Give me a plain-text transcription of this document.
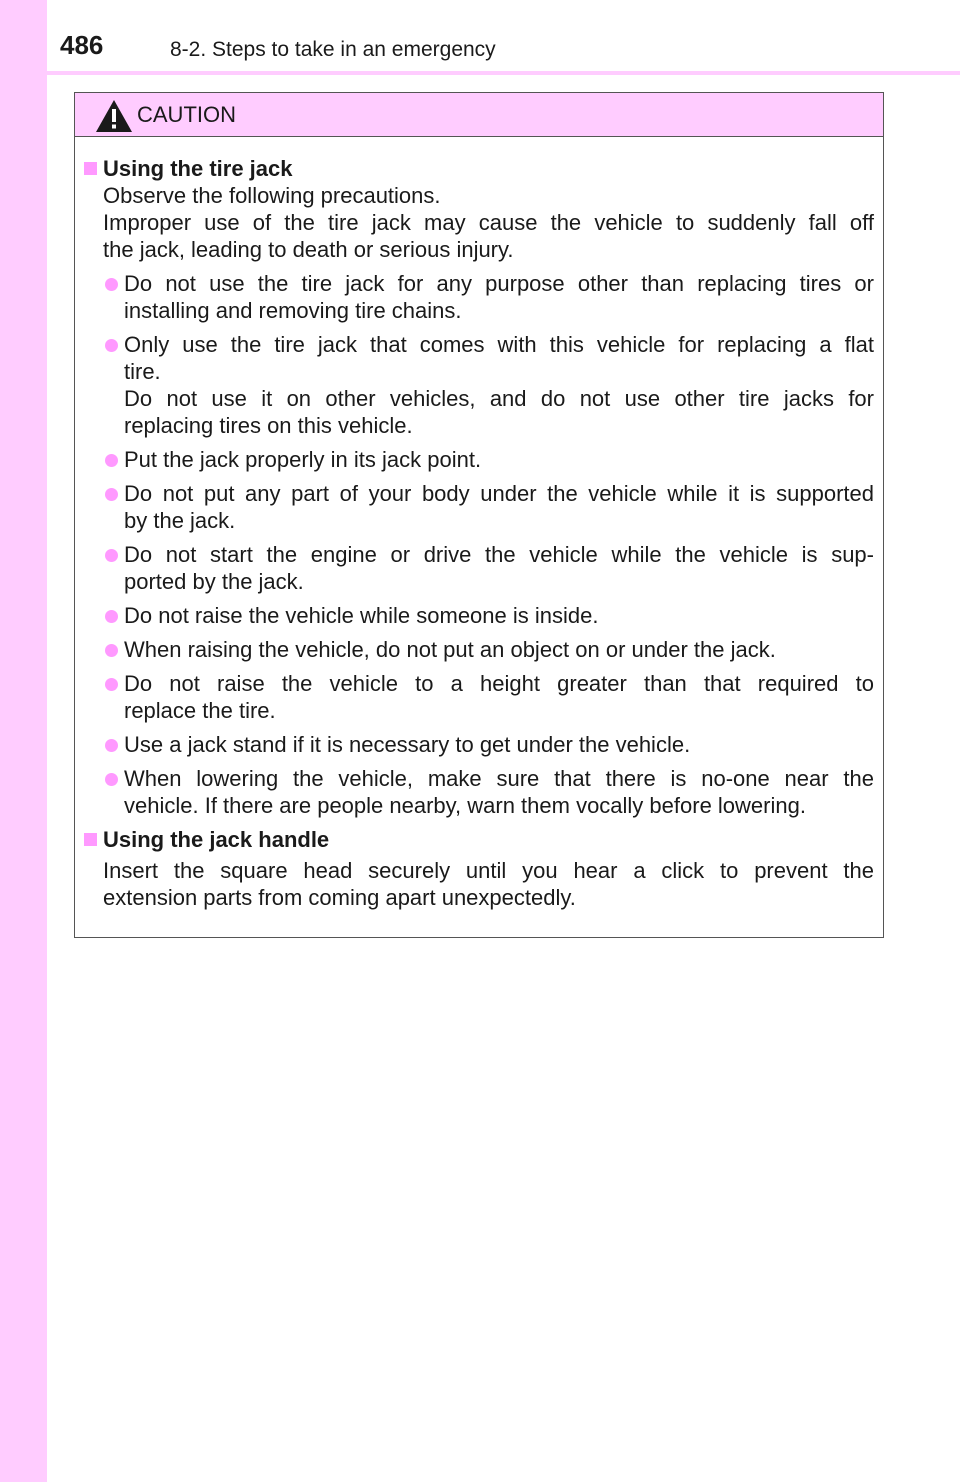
486	8-2. Steps to take in an emergency
CAUTION
Using the tire jack
Observe the following precautions.
Improper use of the tire jack may cause the vehicle to suddenly fall off
the jack, leading to death or serious injury.
Do not use the tire jack for any purpose other than replacing tires or
installing and removing tire chains.
Only use the tire jack that comes with this vehicle for replacing a flat
tire.
Do not use it on other vehicles, and do not use other tire jacks for
replacing tires on this vehicle.
Put the jack properly in its jack point.
Do not put any part of your body under the vehicle while it is supported
by the jack.
Do not start the engine or drive the vehicle while the vehicle is sup-
ported by the jack.
Do not raise the vehicle while someone is inside.
When raising the vehicle, do not put an object on or under the jack.
Do not raise the vehicle to a height greater than that required to
replace the tire.
Use a jack stand if it is necessary to get under the vehicle.
When lowering the vehicle, make sure that there is no-one near the
vehicle. If there are people nearby, warn them vocally before lowering.
Using the jack handle
Insert the square head securely until you hear a click to prevent the
extension parts from coming apart unexpectedly.
